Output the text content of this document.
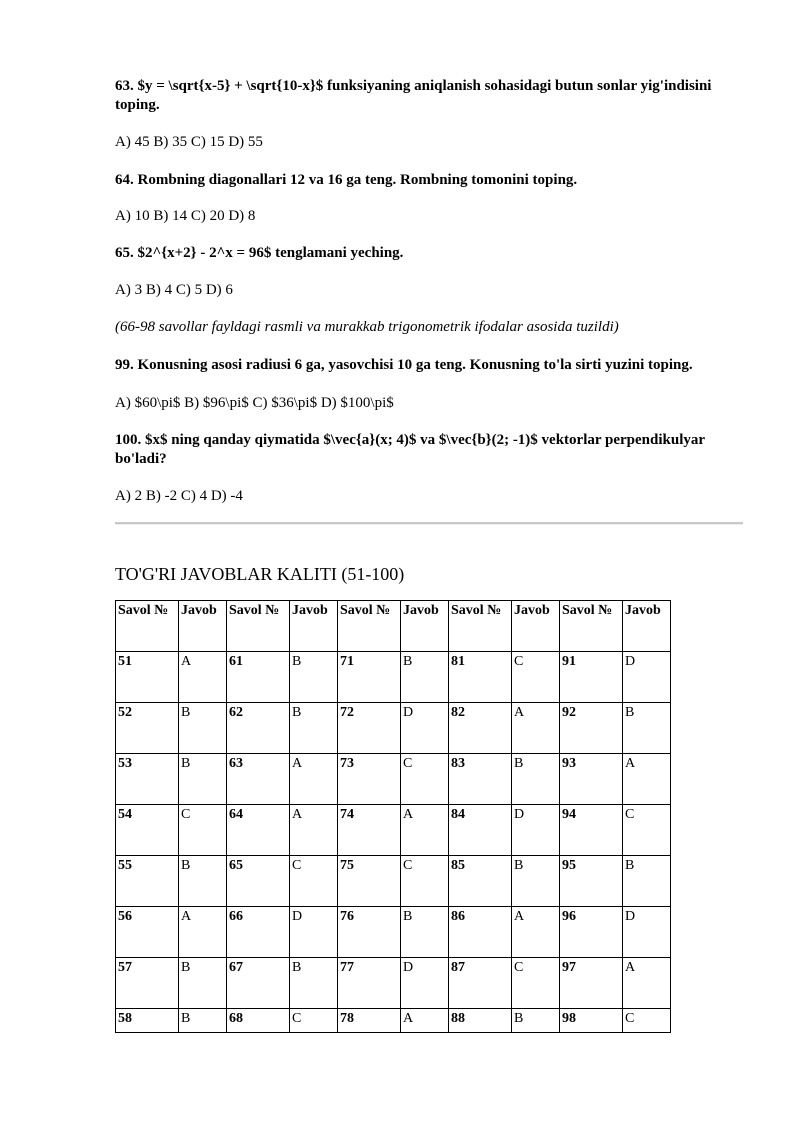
63. $y = \sqrt{x-5} + \sqrt{10-x}$ funksiyaning aniqlanish sohasidagi butun sonlar yig'indisini toping.

A) 45 B) 35 C) 15 D) 55

64. Rombning diagonallari 12 va 16 ga teng. Rombning tomonini toping.

A) 10 B) 14 C) 20 D) 8

65. $2^{x+2} - 2^x = 96$ tenglamani yeching.

A) 3 B) 4 C) 5 D) 6

(66-98 savollar fayldagi rasmli va murakkab trigonometrik ifodalar asosida tuzildi)

99. Konusning asosi radiusi 6 ga, yasovchisi 10 ga teng. Konusning to'la sirti yuzini toping.

A) $60\pi$ B) $96\pi$ C) $36\pi$ D) $100\pi$

100. $x$ ning qanday qiymatida $\vec{a}(x; 4)$ va $\vec{b}(2; -1)$ vektorlar perpendikulyar bo'ladi?

A) 2 B) -2 C) 4 D) -4

TO'G'RI JAVOBLAR KALITI (51-100)
Savol №	Javob	Savol №	Javob	Savol №	Javob	Savol №	Javob	Savol №	Javob
51	A	61	B	71	B	81	C	91	D
52	B	62	B	72	D	82	A	92	B
53	B	63	A	73	C	83	B	93	A
54	C	64	A	74	A	84	D	94	C
55	B	65	C	75	C	85	B	95	B
56	A	66	D	76	B	86	A	96	D
57	B	67	B	77	D	87	C	97	A
58	B	68	C	78	A	88	B	98	C
